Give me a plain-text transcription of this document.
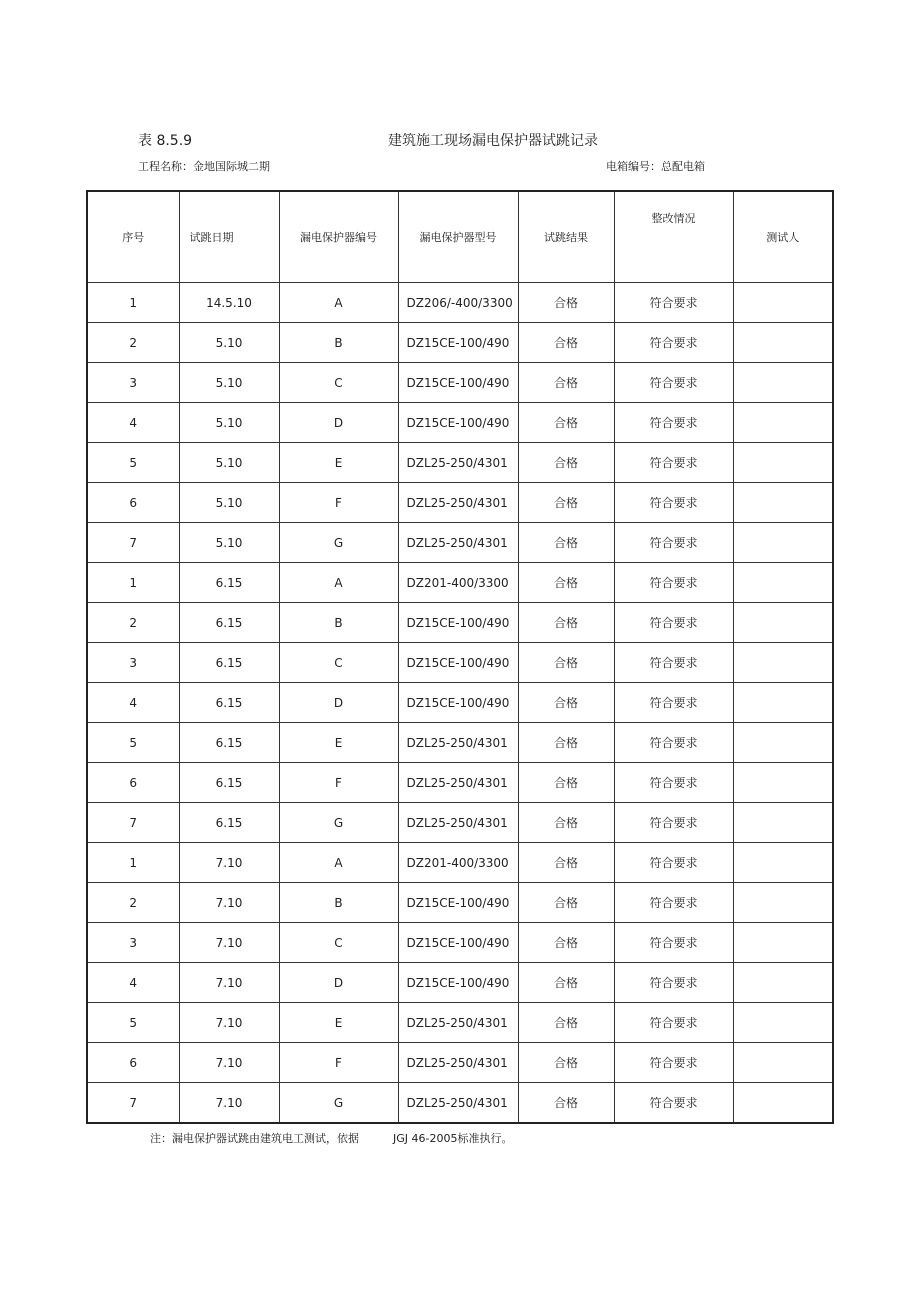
表 8.5.9	建筑施工现场漏电保护器试跳记录
工程名称：金地国际城二期	电箱编号：总配电箱
序号	试跳日期	漏电保护器编号	漏电保护器型号	试跳结果	整改情况	测试人
1	14.5.10	A	DZ206/-400/3300	合格	符合要求	
2	5.10	B	DZ15CE-100/490	合格	符合要求	
3	5.10	C	DZ15CE-100/490	合格	符合要求	
4	5.10	D	DZ15CE-100/490	合格	符合要求	
5	5.10	E	DZL25-250/4301	合格	符合要求	
6	5.10	F	DZL25-250/4301	合格	符合要求	
7	5.10	G	DZL25-250/4301	合格	符合要求	
1	6.15	A	DZ201-400/3300	合格	符合要求	
2	6.15	B	DZ15CE-100/490	合格	符合要求	
3	6.15	C	DZ15CE-100/490	合格	符合要求	
4	6.15	D	DZ15CE-100/490	合格	符合要求	
5	6.15	E	DZL25-250/4301	合格	符合要求	
6	6.15	F	DZL25-250/4301	合格	符合要求	
7	6.15	G	DZL25-250/4301	合格	符合要求	
1	7.10	A	DZ201-400/3300	合格	符合要求	
2	7.10	B	DZ15CE-100/490	合格	符合要求	
3	7.10	C	DZ15CE-100/490	合格	符合要求	
4	7.10	D	DZ15CE-100/490	合格	符合要求	
5	7.10	E	DZL25-250/4301	合格	符合要求	
6	7.10	F	DZL25-250/4301	合格	符合要求	
7	7.10	G	DZL25-250/4301	合格	符合要求	
注：漏电保护器试跳由建筑电工测试，依据	JGJ 46-2005标准执行。
